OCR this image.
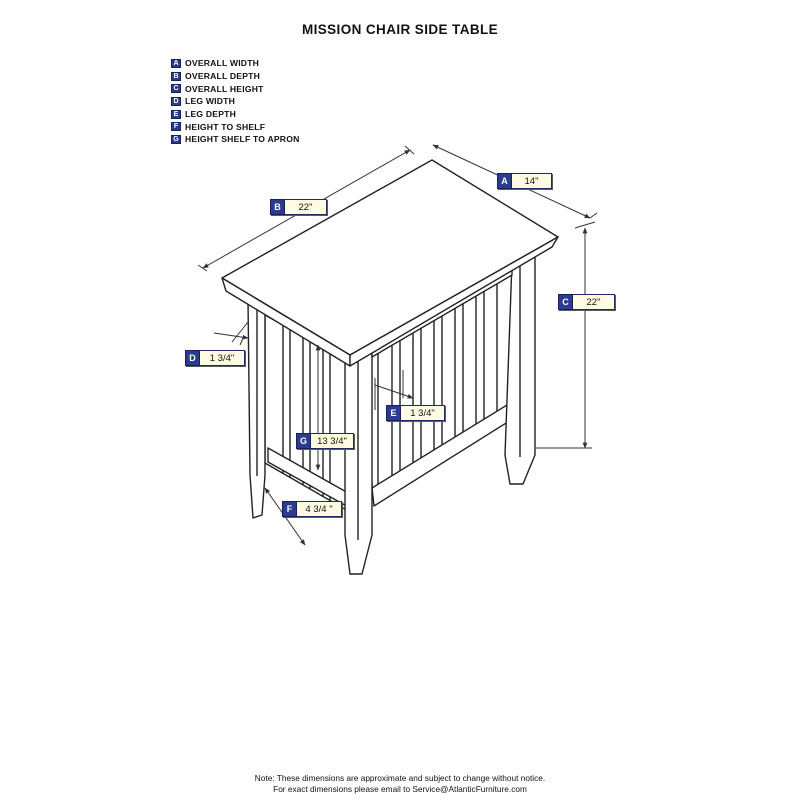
MISSION CHAIR SIDE TABLE
A OVERALL WIDTH
B OVERALL DEPTH
C OVERALL HEIGHT
D LEG WIDTH
E LEG DEPTH
F HEIGHT TO SHELF
G HEIGHT SHELF TO APRON
A	14"
B	22"
C	22"
D	1 3/4"
E	1 3/4"
G	13 3/4"
F	4 3/4 "
Note: These dimensions are approximate and subject to change without notice.
For exact dimensions please email to Service@AtlanticFurniture.com
